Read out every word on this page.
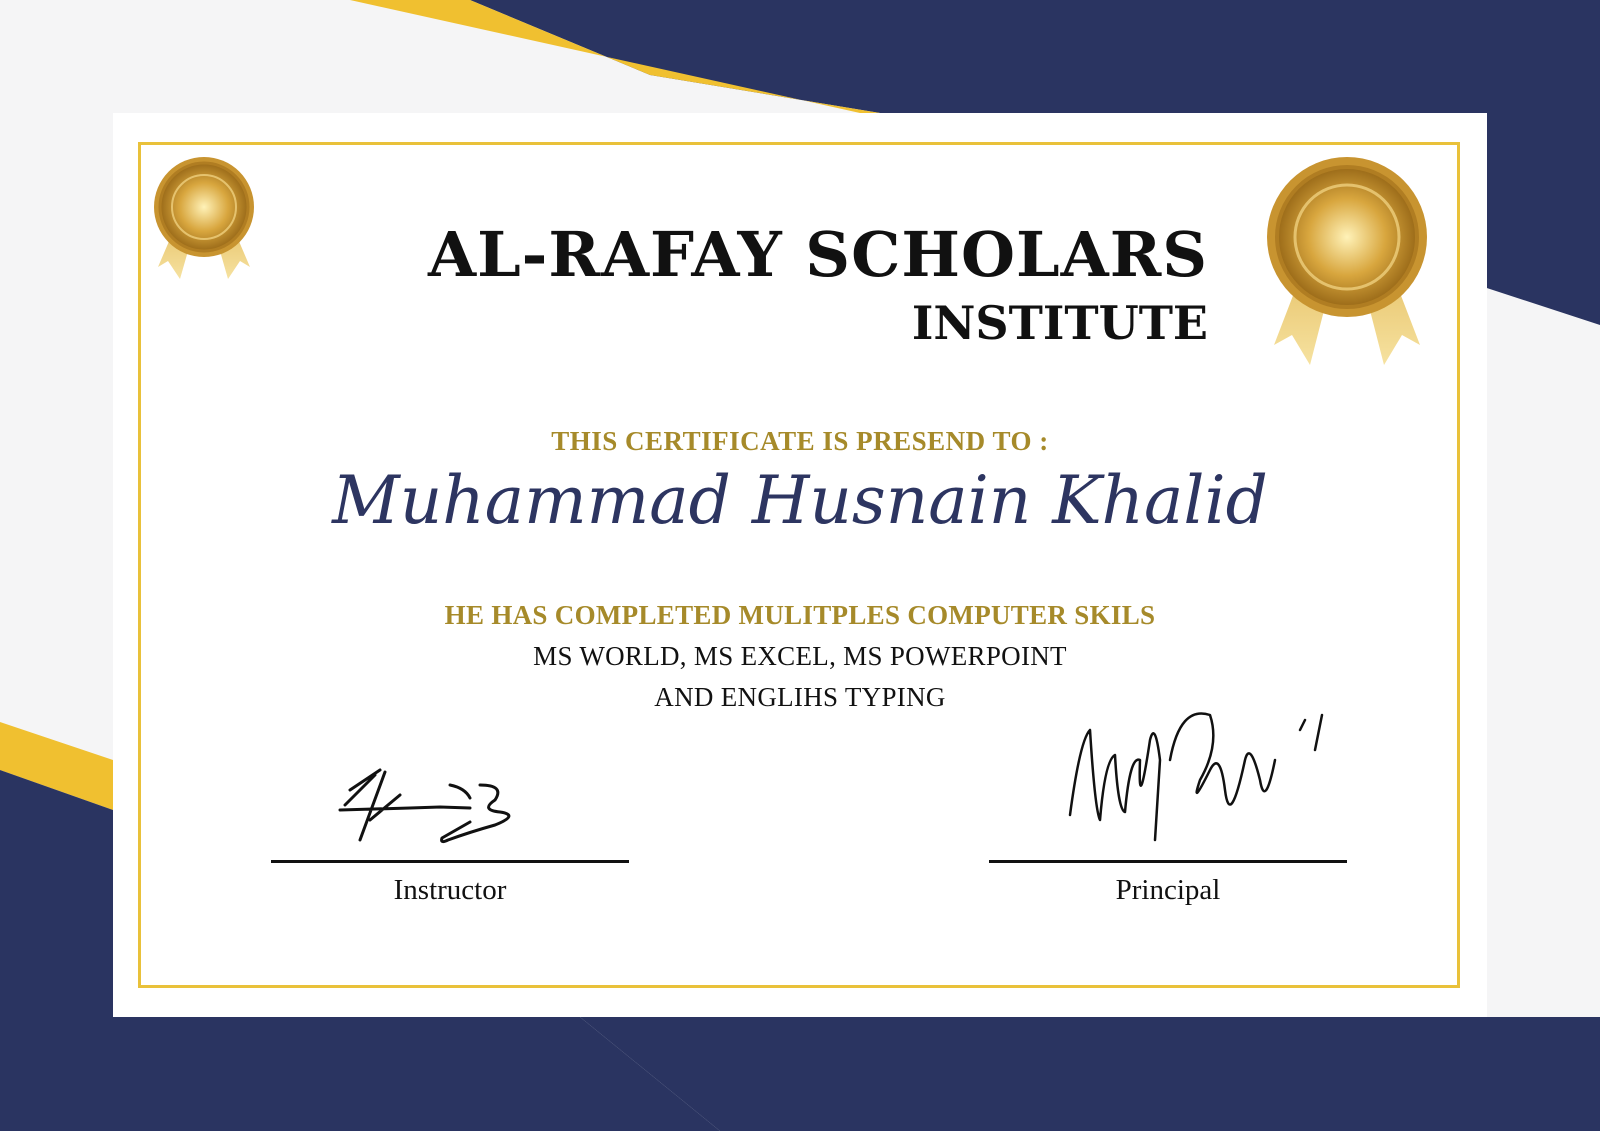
AL-RAFAY SCHOLARS
INSTITUTE
THIS CERTIFICATE IS PRESEND TO :
Muhammad Husnain Khalid
HE HAS COMPLETED MULITPLES COMPUTER SKILS
MS WORLD, MS EXCEL, MS POWERPOINT
AND ENGLIHS TYPING
Instructor	Principal
